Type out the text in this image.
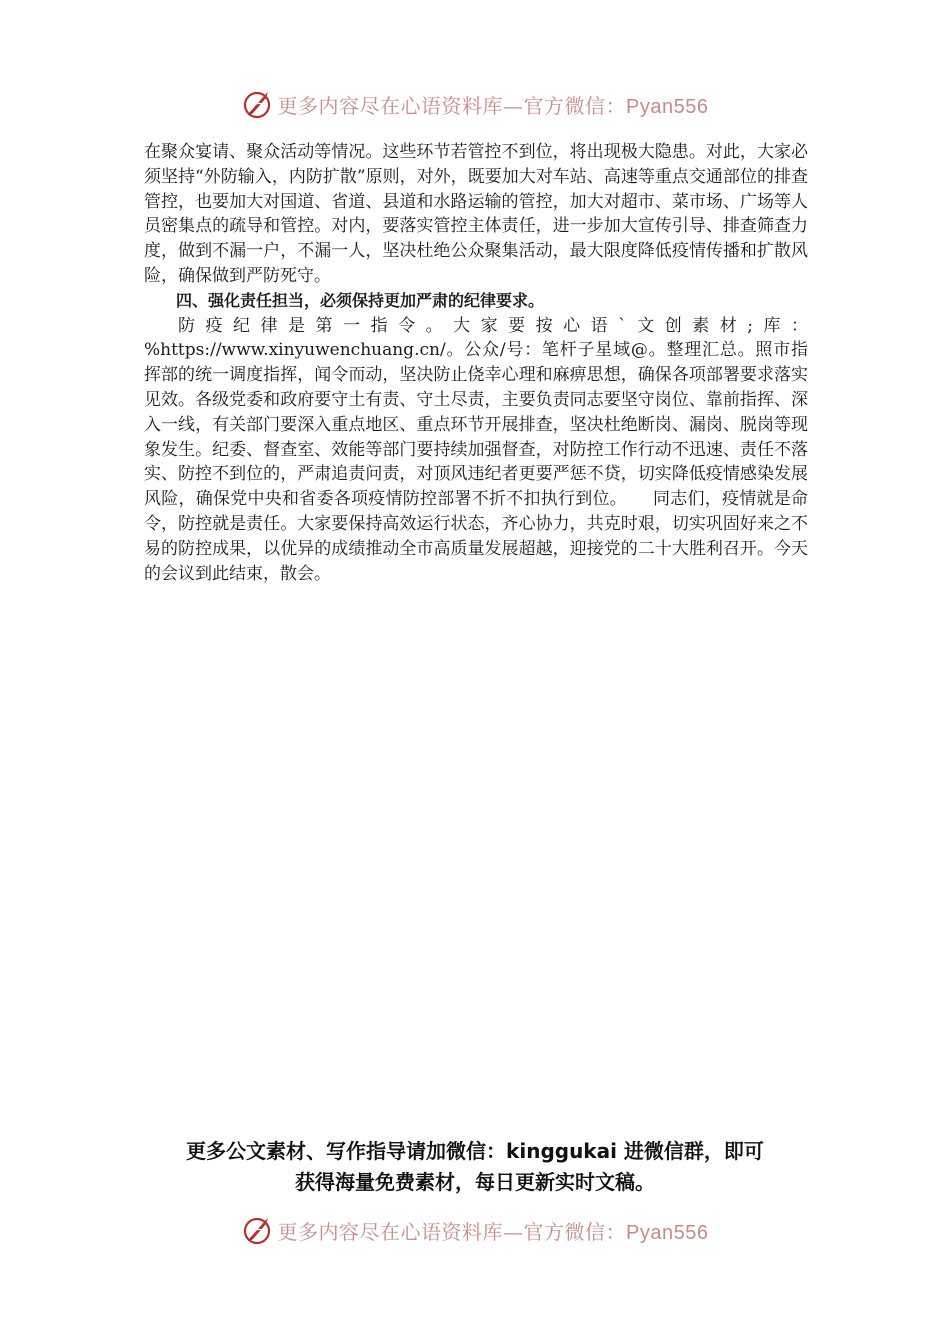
更多内容尽在心语资料库—官方微信：Pyan556

在聚众宴请、聚众活动等情况。这些环节若管控不到位，将出现极大隐患。对此，大家必须坚持“外防输入，内防扩散”原则，对外，既要加大对车站、高速等重点交通部位的排查管控，也要加大对国道、省道、县道和水路运输的管控，加大对超市、菜市场、广场等人员密集点的疏导和管控。对内，要落实管控主体责任，进一步加大宣传引导、排查筛查力度，做到不漏一户，不漏一人，坚决杜绝公众聚集活动，最大限度降低疫情传播和扩散风险，确保做到严防死守。

四、强化责任担当，必须保持更加严肃的纪律要求。

防疫纪律是第一指令。大家要按心语`文创素材;库：%https://www.xinyuwenchuang.cn/。公众/号：笔杆子星域@。整理汇总。照市指挥部的统一调度指挥，闻令而动，坚决防止侥幸心理和麻痹思想，确保各项部署要求落实见效。各级党委和政府要守土有责、守土尽责，主要负责同志要坚守岗位、靠前指挥、深入一线，有关部门要深入重点地区、重点环节开展排查，坚决杜绝断岗、漏岗、脱岗等现象发生。纪委、督查室、效能等部门要持续加强督查，对防控工作行动不迅速、责任不落实、防控不到位的，严肃追责问责，对顶风违纪者更要严惩不贷，切实降低疫情感染发展风险，确保党中央和省委各项疫情防控部署不折不扣执行到位。　　同志们，疫情就是命令，防控就是责任。大家要保持高效运行状态，齐心协力，共克时艰，切实巩固好来之不易的防控成果，以优异的成绩推动全市高质量发展超越，迎接党的二十大胜利召开。今天的会议到此结束，散会。

更多公文素材、写作指导请加微信：kinggukai 进微信群，即可
获得海量免费素材，每日更新实时文稿。
更多内容尽在心语资料库—官方微信：Pyan556
